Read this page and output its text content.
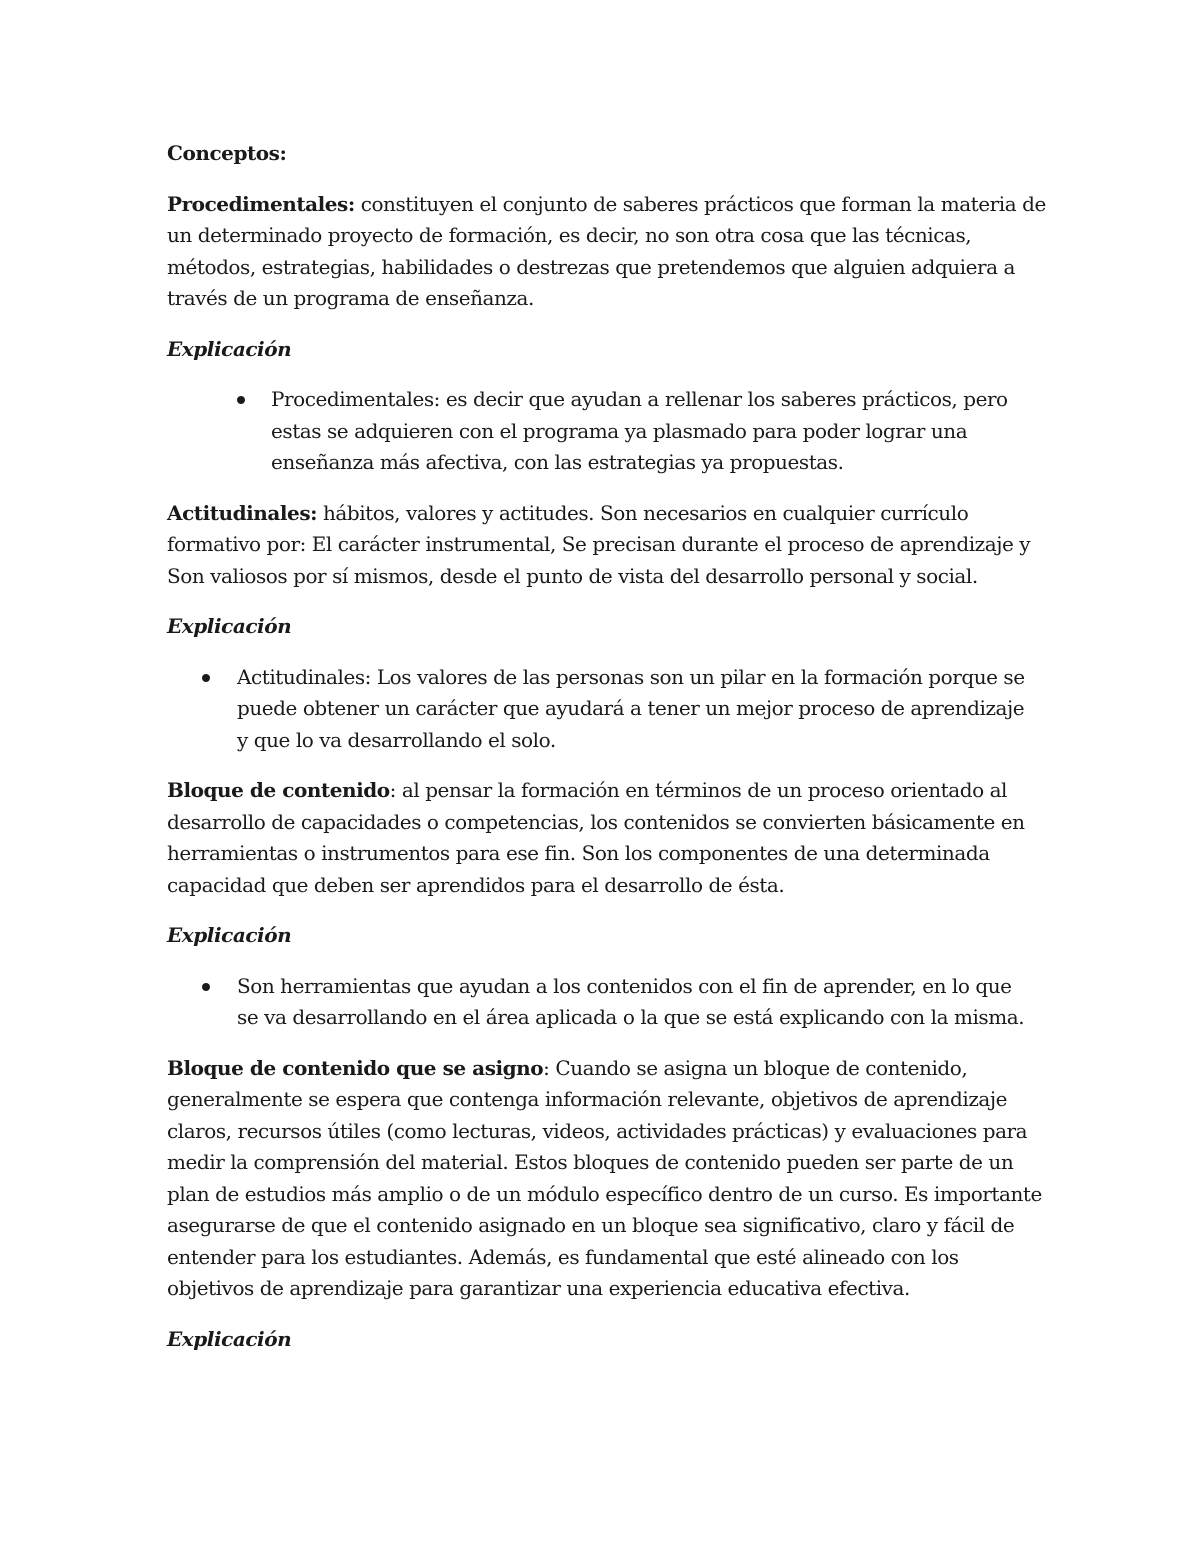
Conceptos:
Procedimentales: constituyen el conjunto de saberes prácticos que forman la materia de un determinado proyecto de formación, es decir, no son otra cosa que las técnicas, métodos, estrategias, habilidades o destrezas que pretendemos que alguien adquiera a través de un programa de enseñanza.
Explicación
Procedimentales: es decir que ayudan a rellenar los saberes prácticos, pero estas se adquieren con el programa ya plasmado para poder lograr una enseñanza más afectiva, con las estrategias ya propuestas.
Actitudinales: hábitos, valores y actitudes. Son necesarios en cualquier currículo formativo por: El carácter instrumental, Se precisan durante el proceso de aprendizaje y Son valiosos por sí mismos, desde el punto de vista del desarrollo personal y social.
Explicación
Actitudinales: Los valores de las personas son un pilar en la formación porque se puede obtener un carácter que ayudará a tener un mejor proceso de aprendizaje y que lo va desarrollando el solo.
Bloque de contenido: al pensar la formación en términos de un proceso orientado al desarrollo de capacidades o competencias, los contenidos se convierten básicamente en herramientas o instrumentos para ese fin. Son los componentes de una determinada capacidad que deben ser aprendidos para el desarrollo de ésta.
Explicación
Son herramientas que ayudan a los contenidos con el fin de aprender, en lo que se va desarrollando en el área aplicada o la que se está explicando con la misma.
Bloque de contenido que se asigno: Cuando se asigna un bloque de contenido, generalmente se espera que contenga información relevante, objetivos de aprendizaje claros, recursos útiles (como lecturas, videos, actividades prácticas) y evaluaciones para medir la comprensión del material. Estos bloques de contenido pueden ser parte de un plan de estudios más amplio o de un módulo específico dentro de un curso. Es importante asegurarse de que el contenido asignado en un bloque sea significativo, claro y fácil de entender para los estudiantes. Además, es fundamental que esté alineado con los objetivos de aprendizaje para garantizar una experiencia educativa efectiva.
Explicación
